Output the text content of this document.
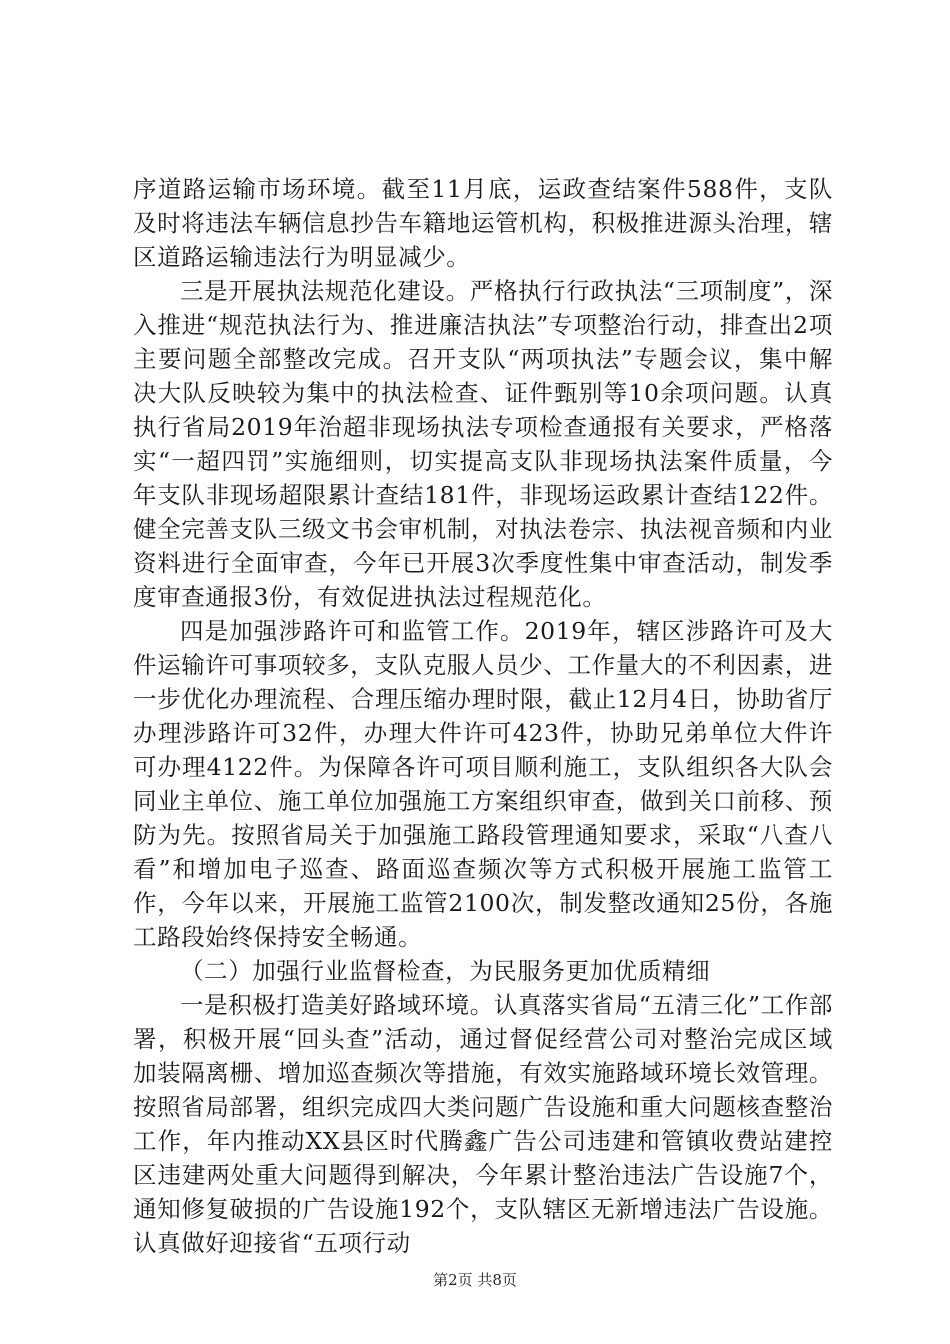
序道路运输市场环境。截至11月底，运政查结案件588件，支队及时将违法车辆信息抄告车籍地运管机构，积极推进源头治理，辖区道路运输违法行为明显减少。

三是开展执法规范化建设。严格执行行政执法“三项制度”，深入推进“规范执法行为、推进廉洁执法”专项整治行动，排查出2项主要问题全部整改完成。召开支队“两项执法”专题会议，集中解决大队反映较为集中的执法检查、证件甄别等10余项问题。认真执行省局2019年治超非现场执法专项检查通报有关要求，严格落实“一超四罚”实施细则，切实提高支队非现场执法案件质量，今年支队非现场超限累计查结181件，非现场运政累计查结122件。健全完善支队三级文书会审机制，对执法卷宗、执法视音频和内业资料进行全面审查，今年已开展3次季度性集中审查活动，制发季度审查通报3份，有效促进执法过程规范化。

四是加强涉路许可和监管工作。2019年，辖区涉路许可及大件运输许可事项较多，支队克服人员少、工作量大的不利因素，进一步优化办理流程、合理压缩办理时限，截止12月4日，协助省厅办理涉路许可32件，办理大件许可423件，协助兄弟单位大件许可办理4122件。为保障各许可项目顺利施工，支队组织各大队会同业主单位、施工单位加强施工方案组织审查，做到关口前移、预防为先。按照省局关于加强施工路段管理通知要求，采取“八查八看”和增加电子巡查、路面巡查频次等方式积极开展施工监管工作，今年以来，开展施工监管2100次，制发整改通知25份，各施工路段始终保持安全畅通。

（二）加强行业监督检查，为民服务更加优质精细

一是积极打造美好路域环境。认真落实省局“五清三化”工作部署，积极开展“回头查”活动，通过督促经营公司对整治完成区域加装隔离栅、增加巡查频次等措施，有效实施路域环境长效管理。按照省局部署，组织完成四大类问题广告设施和重大问题核查整治工作，年内推动XX县区时代腾鑫广告公司违建和管镇收费站建控区违建两处重大问题得到解决，今年累计整治违法广告设施7个，通知修复破损的广告设施192个，支队辖区无新增违法广告设施。认真做好迎接省“五项行动

第2页 共8页
